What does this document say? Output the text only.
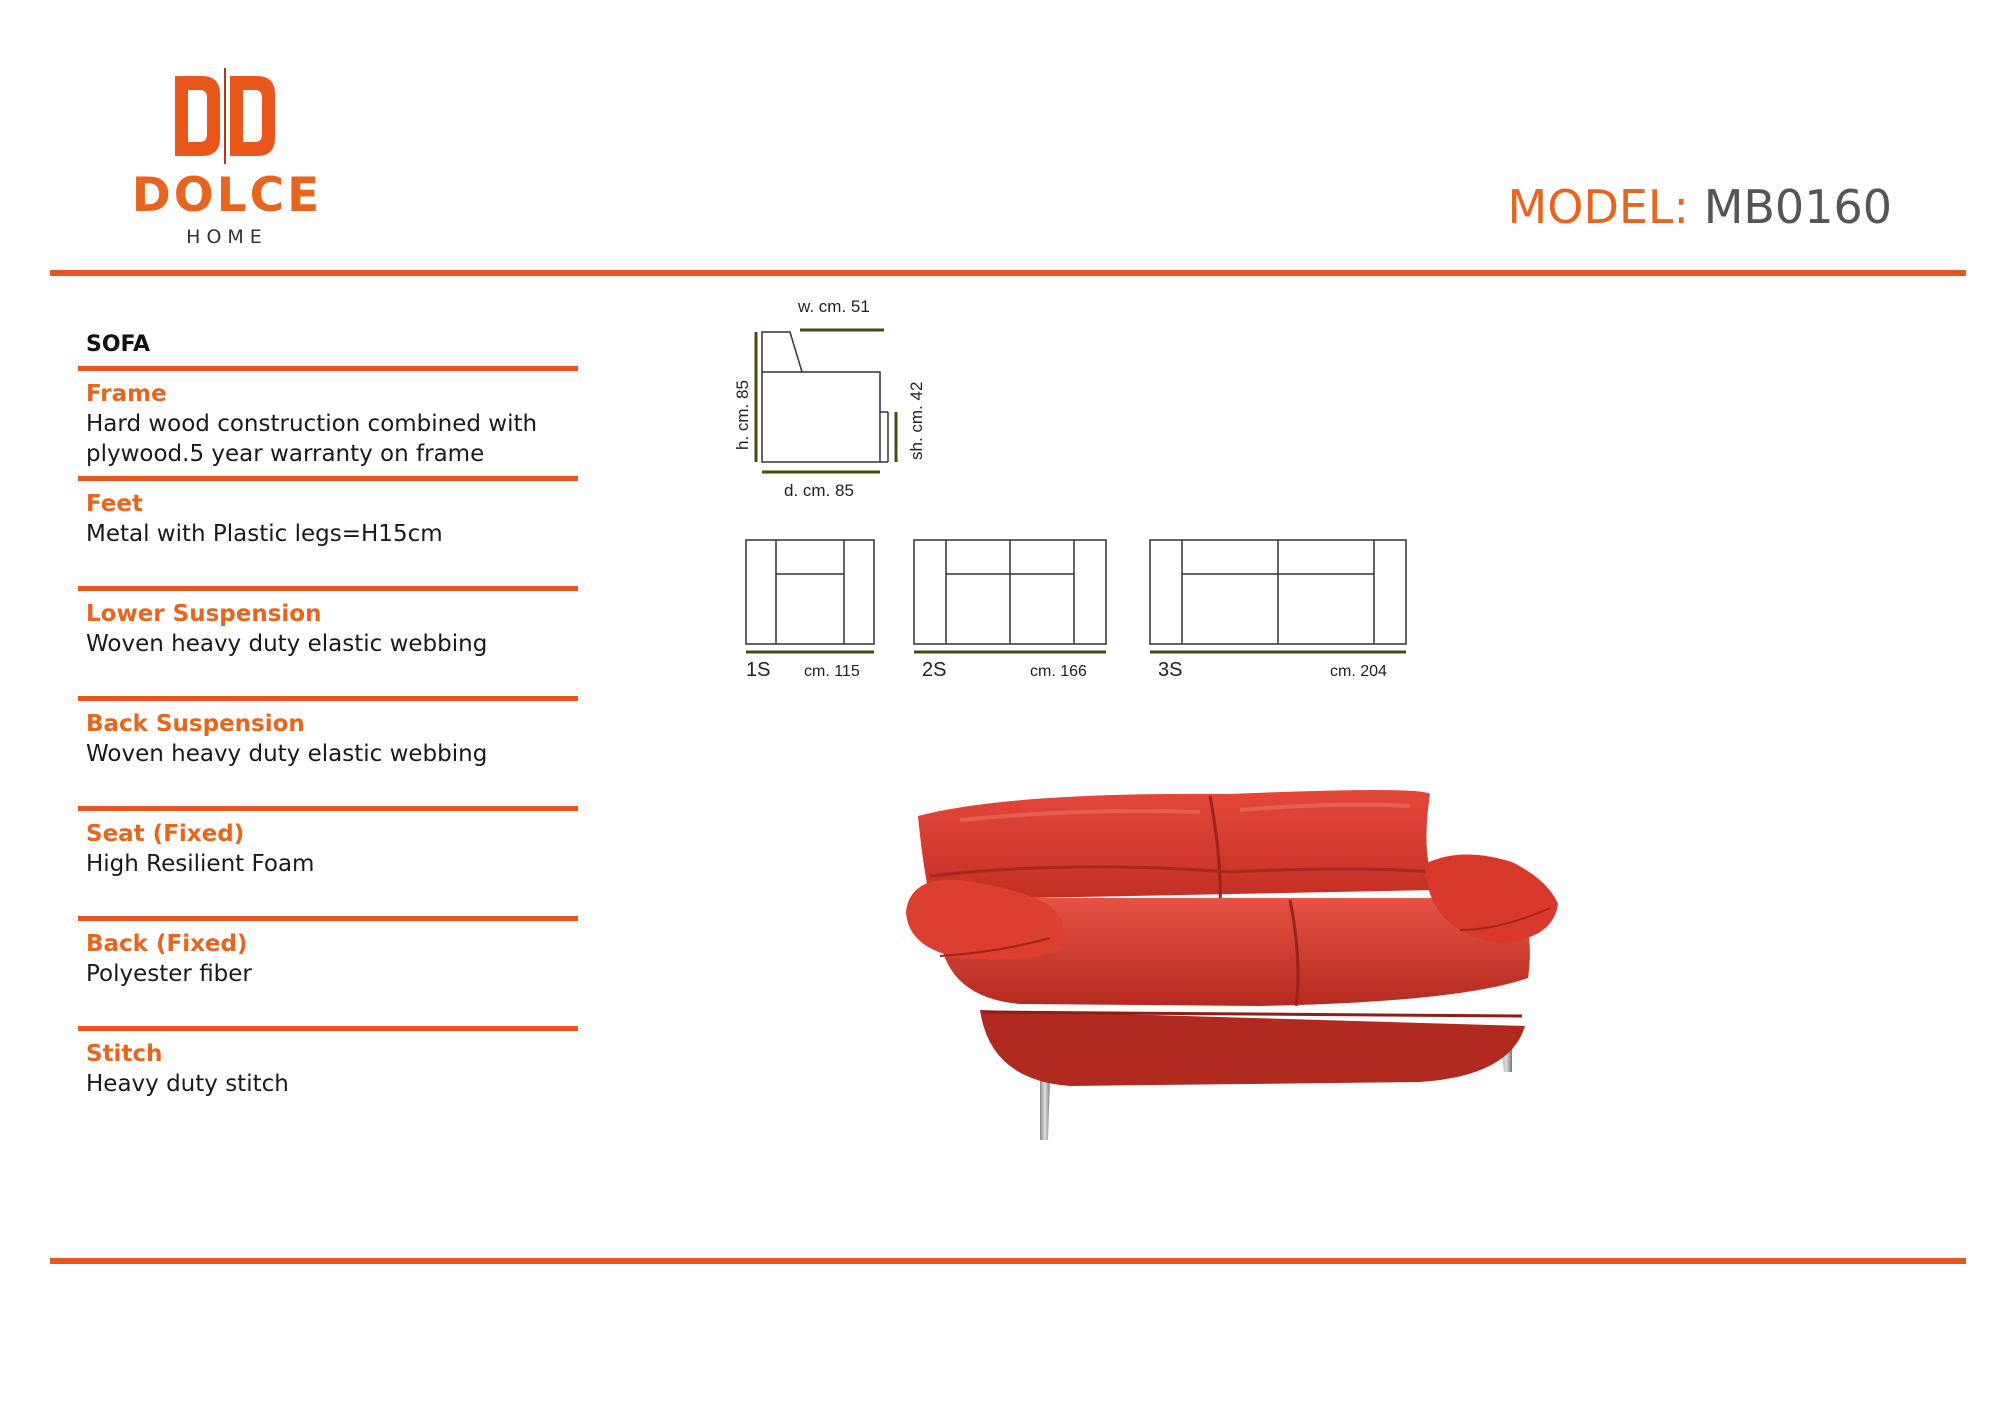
DOLCE
HOME
MODEL: MB0160
SOFA
Frame
Hard wood construction combined with plywood.5 year warranty on frame
Feet
Metal with Plastic legs=H15cm
Lower Suspension
Woven heavy duty elastic webbing
Back Suspension
Woven heavy duty elastic webbing
Seat (Fixed)
High Resilient Foam
Back (Fixed)
Polyester fiber
Stitch
Heavy duty stitch
w. cm. 51
h. cm. 85	sh. cm. 42
d. cm. 85
1S cm. 115	2S	cm. 166	3S	cm. 204
